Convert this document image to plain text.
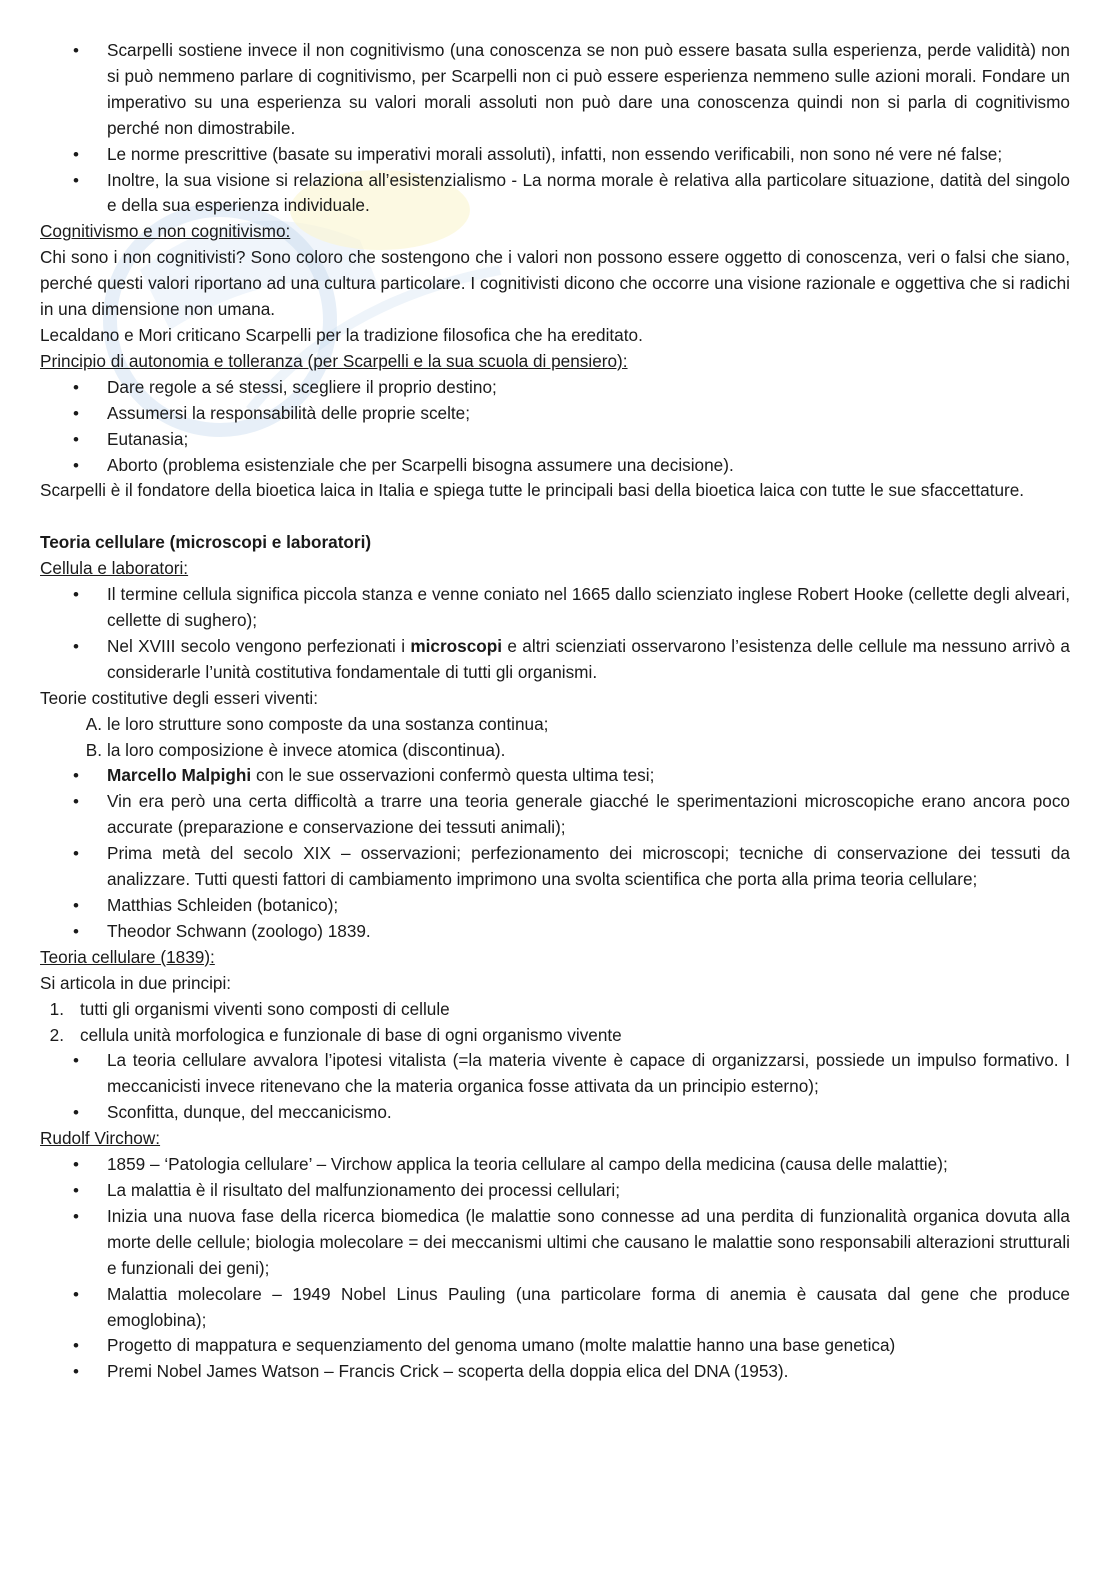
• Scarpelli sostiene invece il non cognitivismo (una conoscenza se non può essere basata sulla esperienza, perde validità) non si può nemmeno parlare di cognitivismo, per Scarpelli non ci può essere esperienza nemmeno sulle azioni morali. Fondare un imperativo su una esperienza su valori morali assoluti non può dare una conoscenza quindi non si parla di cognitivismo perché non dimostrabile.
• Le norme prescrittive (basate su imperativi morali assoluti), infatti, non essendo verificabili, non sono né vere né false;
• Inoltre, la sua visione si relaziona all’esistenzialismo - La norma morale è relativa alla particolare situazione, datità del singolo e della sua esperienza individuale.

Cognitivismo e non cognitivismo:

Chi sono i non cognitivisti? Sono coloro che sostengono che i valori non possono essere oggetto di conoscenza, veri o falsi che siano, perché questi valori riportano ad una cultura particolare. I cognitivisti dicono che occorre una visione razionale e oggettiva che si radichi in una dimensione non umana.

Lecaldano e Mori criticano Scarpelli per la tradizione filosofica che ha ereditato.

Principio di autonomia e tolleranza (per Scarpelli e la sua scuola di pensiero):

• Dare regole a sé stessi, scegliere il proprio destino;
• Assumersi la responsabilità delle proprie scelte;
• Eutanasia;
• Aborto (problema esistenziale che per Scarpelli bisogna assumere una decisione).

Scarpelli è il fondatore della bioetica laica in Italia e spiega tutte le principali basi della bioetica laica con tutte le sue sfaccettature.

Teoria cellulare (microscopi e laboratori)

Cellula e laboratori:

• Il termine cellula significa piccola stanza e venne coniato nel 1665 dallo scienziato inglese Robert Hooke (cellette degli alveari, cellette di sughero);
• Nel XVIII secolo vengono perfezionati i microscopi e altri scienziati osservarono l’esistenza delle cellule ma nessuno arrivò a considerarle l’unità costitutiva fondamentale di tutti gli organismi.

Teorie costitutive degli esseri viventi:

A. le loro strutture sono composte da una sostanza continua;
B. la loro composizione è invece atomica (discontinua).
• Marcello Malpighi con le sue osservazioni confermò questa ultima tesi;
• Vin era però una certa difficoltà a trarre una teoria generale giacché le sperimentazioni microscopiche erano ancora poco accurate (preparazione e conservazione dei tessuti animali);
• Prima metà del secolo XIX – osservazioni; perfezionamento dei microscopi; tecniche di conservazione dei tessuti da analizzare. Tutti questi fattori di cambiamento imprimono una svolta scientifica che porta alla prima teoria cellulare;
• Matthias Schleiden (botanico);
• Theodor Schwann (zoologo) 1839.

Teoria cellulare (1839):

Si articola in due principi:

1. tutti gli organismi viventi sono composti di cellule
2. cellula unità morfologica e funzionale di base di ogni organismo vivente
• La teoria cellulare avvalora l’ipotesi vitalista (=la materia vivente è capace di organizzarsi, possiede un impulso formativo. I meccanicisti invece ritenevano che la materia organica fosse attivata da un principio esterno);
• Sconfitta, dunque, del meccanicismo.

Rudolf Virchow:

• 1859 – ‘Patologia cellulare’ – Virchow applica la teoria cellulare al campo della medicina (causa delle malattie);
• La malattia è il risultato del malfunzionamento dei processi cellulari;
• Inizia una nuova fase della ricerca biomedica (le malattie sono connesse ad una perdita di funzionalità organica dovuta alla morte delle cellule; biologia molecolare = dei meccanismi ultimi che causano le malattie sono responsabili alterazioni strutturali e funzionali dei geni);
• Malattia molecolare – 1949 Nobel Linus Pauling (una particolare forma di anemia è causata dal gene che produce emoglobina);
• Progetto di mappatura e sequenziamento del genoma umano (molte malattie hanno una base genetica)
• Premi Nobel James Watson – Francis Crick – scoperta della doppia elica del DNA (1953).
